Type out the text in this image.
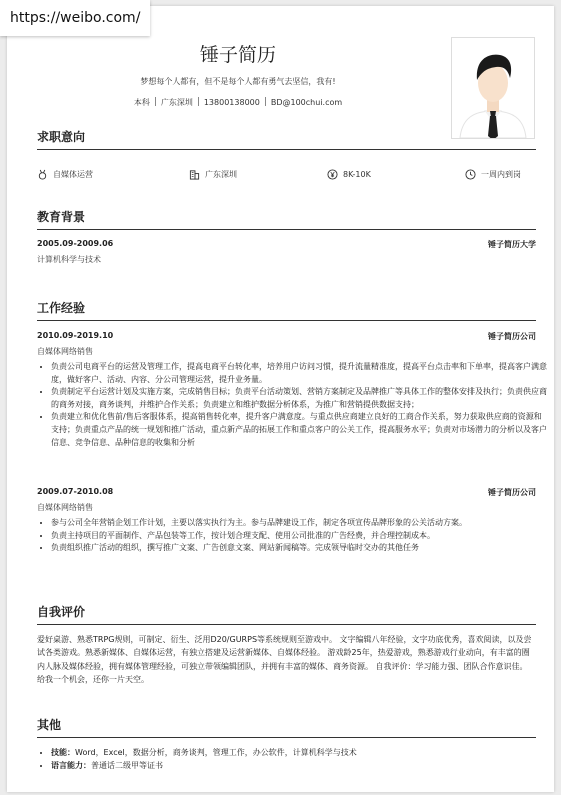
https://weibo.com/
锤子简历
梦想每个人都有，但不是每个人都有勇气去坚信，我有!
本科 广东深圳 13800138000 BD@100chui.com
求职意向
自媒体运营	广东深圳	8K-10K	一周内到岗
教育背景
2005.09-2009.06	锤子简历大学
计算机科学与技术
工作经验
2010.09-2019.10	锤子简历公司
自媒体网络销售
• 负责公司电商平台的运营及管理工作，提高电商平台转化率，培养用户访问习惯，提升流量精准度，提高平台点击率和下单率，提高客户满意度，做好客户、活动、内容、分公司管理运营，提升业务量。
• 负责制定平台运营计划及实施方案，完成销售目标；负责平台活动策划、营销方案制定及品牌推广等具体工作的整体安排及执行；负责供应商的商务对接，商务谈判，并维护合作关系；负责建立和维护数据分析体系，为推广和营销提供数据支持；
• 负责建立和优化售前/售后客服体系，提高销售转化率，提升客户满意度。与重点供应商建立良好的工商合作关系，努力获取供应商的资源和支持；负责重点产品的统一规划和推广活动，重点新产品的拓展工作和重点客户的公关工作，提高服务水平；负责对市场潜力的分析以及客户信息、竞争信息、品种信息的收集和分析
2009.07-2010.08	锤子简历公司
自媒体网络销售
• 参与公司全年营销企划工作计划，主要以落实执行为主。参与品牌建设工作，制定各项宣传品牌形象的公关活动方案。
• 负责主持项目的平面制作、产品包装等工作，按计划合理支配、使用公司批准的广告经费，并合理控制成本。
• 负责组织推广活动的组织，撰写推广文案、广告创意文案、网站新闻稿等。完成领导临时交办的其他任务
自我评价
爱好桌游、熟悉TRPG规则，可制定、衍生、泛用D20/GURPS等系统规则至游戏中。 文字编辑八年经验，文字功底优秀，喜欢阅读，以及尝试各类游戏。熟悉新媒体、自媒体运营，有独立搭建及运营新媒体、自媒体经验。 游戏龄25年，热爱游戏，熟悉游戏行业动向，有丰富的圈内人脉及媒体经验，拥有媒体管理经验，可独立带领编辑团队，并拥有丰富的媒体、商务资源。 自我评价：学习能力强、团队合作意识佳。 给我一个机会，还你一片天空。
其他
• 技能：Word，Excel，数据分析，商务谈判，管理工作，办公软件，计算机科学与技术
• 语言能力：普通话二级甲等证书
